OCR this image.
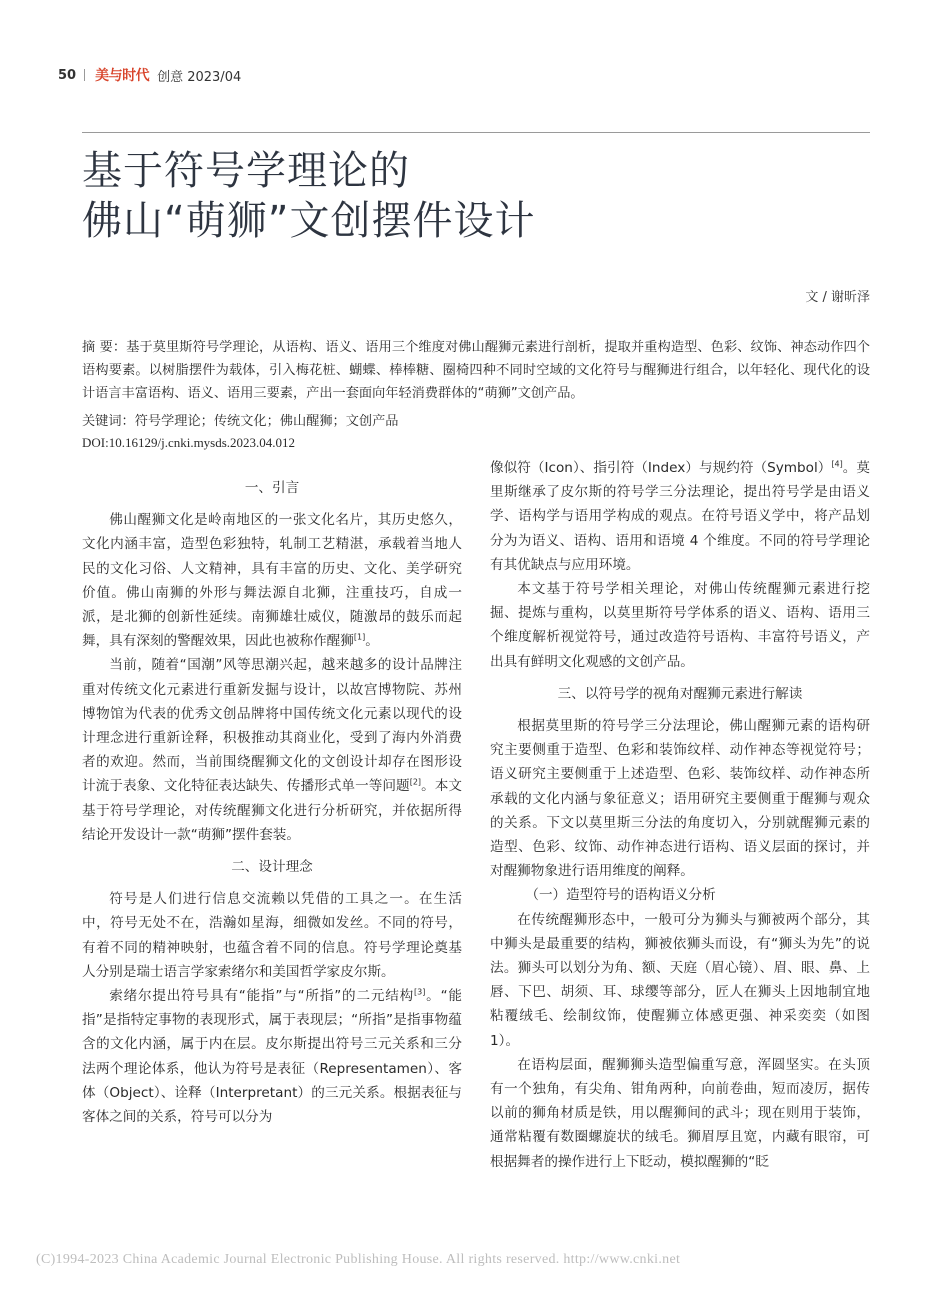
50 美与时代 创意 2023/04
基于符号学理论的
佛山“萌狮”文创摆件设计
文 / 谢昕泽
摘 要：基于莫里斯符号学理论，从语构、语义、语用三个维度对佛山醒狮元素进行剖析，提取并重构造型、色彩、纹饰、神态动作四个语构要素。以树脂摆件为载体，引入梅花桩、蝴蝶、棒棒糖、圈椅四种不同时空域的文化符号与醒狮进行组合，以年轻化、现代化的设计语言丰富语构、语义、语用三要素，产出一套面向年轻消费群体的“萌狮”文创产品。
关键词：符号学理论；传统文化；佛山醒狮；文创产品
DOI:10.16129/j.cnki.mysds.2023.04.012

一、引言

佛山醒狮文化是岭南地区的一张文化名片，其历史悠久，文化内涵丰富，造型色彩独特，轧制工艺精湛，承载着当地人民的文化习俗、人文精神，具有丰富的历史、文化、美学研究价值。佛山南狮的外形与舞法源自北狮，注重技巧，自成一派，是北狮的创新性延续。南狮雄壮威仪，随激昂的鼓乐而起舞，具有深刻的警醒效果，因此也被称作醒狮[1]。

当前，随着“国潮”风等思潮兴起，越来越多的设计品牌注重对传统文化元素进行重新发掘与设计，以故宫博物院、苏州博物馆为代表的优秀文创品牌将中国传统文化元素以现代的设计理念进行重新诠释，积极推动其商业化，受到了海内外消费者的欢迎。然而，当前围绕醒狮文化的文创设计却存在图形设计流于表象、文化特征表达缺失、传播形式单一等问题[2]。本文基于符号学理论，对传统醒狮文化进行分析研究，并依据所得结论开发设计一款“萌狮”摆件套装。

二、设计理念

符号是人们进行信息交流赖以凭借的工具之一。在生活中，符号无处不在，浩瀚如星海，细微如发丝。不同的符号，有着不同的精神映射，也蕴含着不同的信息。符号学理论奠基人分别是瑞士语言学家索绪尔和美国哲学家皮尔斯。

索绪尔提出符号具有“能指”与“所指”的二元结构[3]。“能指”是指特定事物的表现形式，属于表现层；“所指”是指事物蕴含的文化内涵，属于内在层。皮尔斯提出符号三元关系和三分法两个理论体系，他认为符号是表征（Representamen）、客体（Object）、诠释（Interpretant）的三元关系。根据表征与客体之间的关系，符号可以分为

像似符（Icon）、指引符（Index）与规约符（Symbol）[4]。莫里斯继承了皮尔斯的符号学三分法理论，提出符号学是由语义学、语构学与语用学构成的观点。在符号语义学中，将产品划分为为语义、语构、语用和语境 4 个维度。不同的符号学理论有其优缺点与应用环境。

本文基于符号学相关理论，对佛山传统醒狮元素进行挖掘、提炼与重构，以莫里斯符号学体系的语义、语构、语用三个维度解析视觉符号，通过改造符号语构、丰富符号语义，产出具有鲜明文化观感的文创产品。

三、以符号学的视角对醒狮元素进行解读

根据莫里斯的符号学三分法理论，佛山醒狮元素的语构研究主要侧重于造型、色彩和装饰纹样、动作神态等视觉符号；语义研究主要侧重于上述造型、色彩、装饰纹样、动作神态所承载的文化内涵与象征意义；语用研究主要侧重于醒狮与观众的关系。下文以莫里斯三分法的角度切入，分别就醒狮元素的造型、色彩、纹饰、动作神态进行语构、语义层面的探讨，并对醒狮物象进行语用维度的阐释。

（一）造型符号的语构语义分析

在传统醒狮形态中，一般可分为狮头与狮被两个部分，其中狮头是最重要的结构，狮被依狮头而设，有“狮头为先”的说法。狮头可以划分为角、额、天庭（眉心镜）、眉、眼、鼻、上唇、下巴、胡须、耳、球缨等部分，匠人在狮头上因地制宜地粘覆绒毛、绘制纹饰，使醒狮立体感更强、神采奕奕（如图 1）。

在语构层面，醒狮狮头造型偏重写意，浑圆坚实。在头顶有一个独角，有尖角、钳角两种，向前卷曲，短而凌厉，据传以前的狮角材质是铁，用以醒狮间的武斗；现在则用于装饰，通常粘覆有数圈螺旋状的绒毛。狮眉厚且宽，内藏有眼帘，可根据舞者的操作进行上下眨动，模拟醒狮的“眨

(C)1994-2023 China Academic Journal Electronic Publishing House. All rights reserved. http://www.cnki.net
